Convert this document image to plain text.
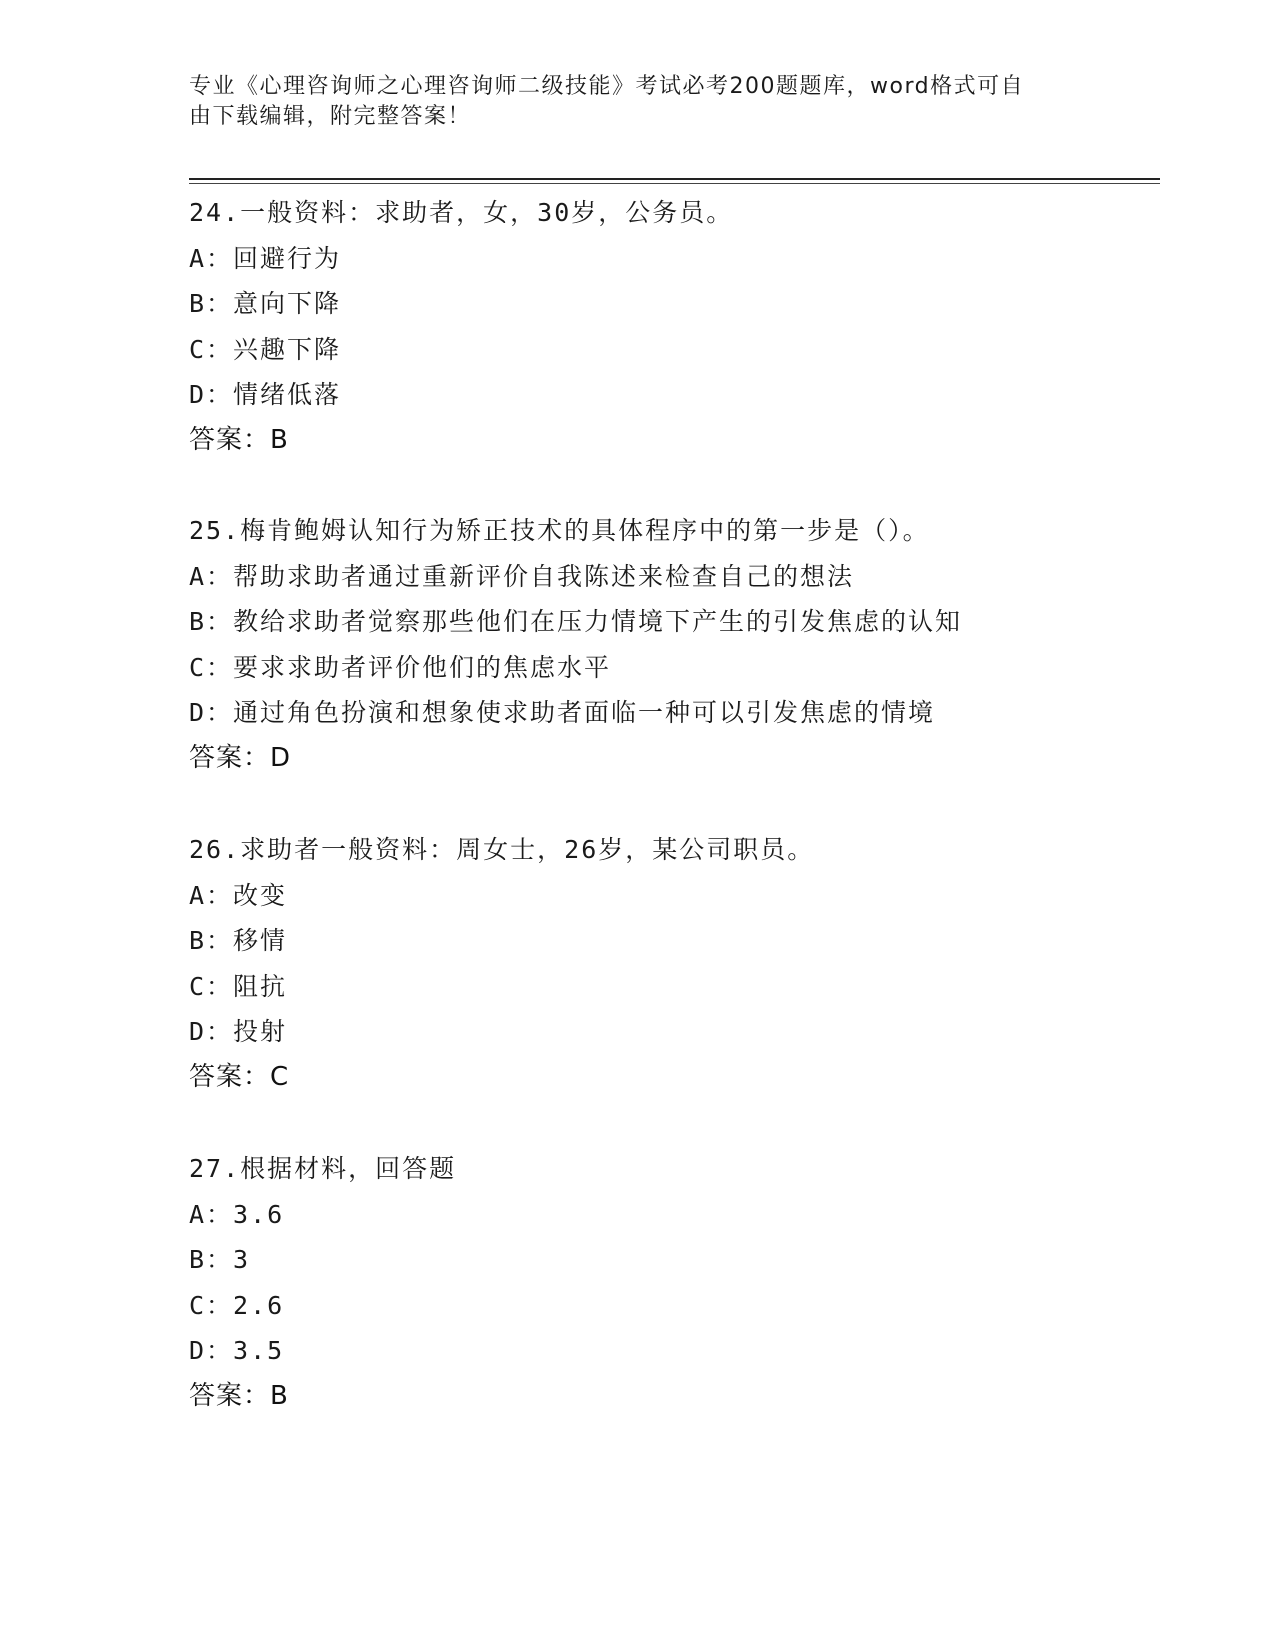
专业《心理咨询师之心理咨询师二级技能》考试必考200题题库，word格式可自
由下载编辑，附完整答案！
24.一般资料：求助者，女，30岁，公务员。
A：回避行为
B：意向下降
C：兴趣下降
D：情绪低落
答案：B
25.梅肯鲍姆认知行为矫正技术的具体程序中的第一步是（）。
A：帮助求助者通过重新评价自我陈述来检查自己的想法
B：教给求助者觉察那些他们在压力情境下产生的引发焦虑的认知
C：要求求助者评价他们的焦虑水平
D：通过角色扮演和想象使求助者面临一种可以引发焦虑的情境
答案：D
26.求助者一般资料：周女士，26岁，某公司职员。
A：改变
B：移情
C：阻抗
D：投射
答案：C
27.根据材料，回答题
A：3.6
B：3
C：2.6
D：3.5
答案：B
